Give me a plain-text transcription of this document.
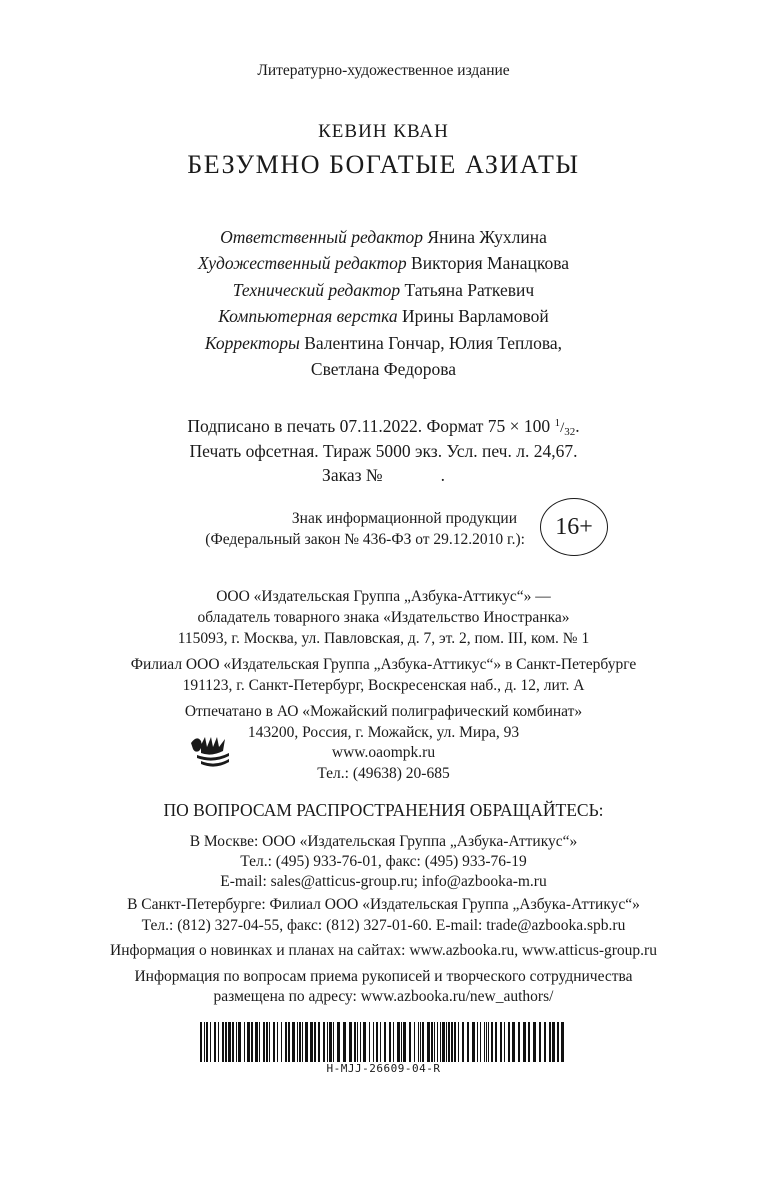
Литературно-художественное издание
КЕВИН КВАН
БЕЗУМНО БОГАТЫЕ АЗИАТЫ
Ответственный редактор Янина Жухлина
Художественный редактор Виктория Манацкова
Технический редактор Татьяна Раткевич
Компьютерная верстка Ирины Варламовой
Корректоры Валентина Гончар, Юлия Теплова,
Светлана Федорова
Подписано в печать 07.11.2022. Формат 75 × 100 $^1$/32.
Печать офсетная. Тираж 5000 экз. Усл. печ. л. 24,67.
Заказ №	.
Знак информационной продукции
(Федеральный закон № 436-ФЗ от 29.12.2010 г.):	16+
ООО «Издательская Группа „Азбука-Аттикус“» —
обладатель товарного знака «Издательство Иностранка»
115093, г. Москва, ул. Павловская, д. 7, эт. 2, пом. III, ком. № 1
Филиал ООО «Издательская Группа „Азбука-Аттикус“» в Санкт-Петербурге
191123, г. Санкт-Петербург, Воскресенская наб., д. 12, лит. А
Отпечатано в АО «Можайский полиграфический комбинат»
143200, Россия, г. Можайск, ул. Мира, 93
www.oaompk.ru
Тел.: (49638) 20-685
ПО ВОПРОСАМ РАСПРОСТРАНЕНИЯ ОБРАЩАЙТЕСЬ:
В Москве: ООО «Издательская Группа „Азбука-Аттикус“»
Тел.: (495) 933-76-01, факс: (495) 933-76-19
E-mail: sales@atticus-group.ru; info@azbooka-m.ru
В Санкт-Петербурге: Филиал ООО «Издательская Группа „Азбука-Аттикус“»
Тел.: (812) 327-04-55, факс: (812) 327-01-60. E-mail: trade@azbooka.spb.ru
Информация о новинках и планах на сайтах: www.azbooka.ru, www.atticus-group.ru
Информация по вопросам приема рукописей и творческого сотрудничества
размещена по адресу: www.azbooka.ru/new_authors/
H-MJJ-26609-04-R
